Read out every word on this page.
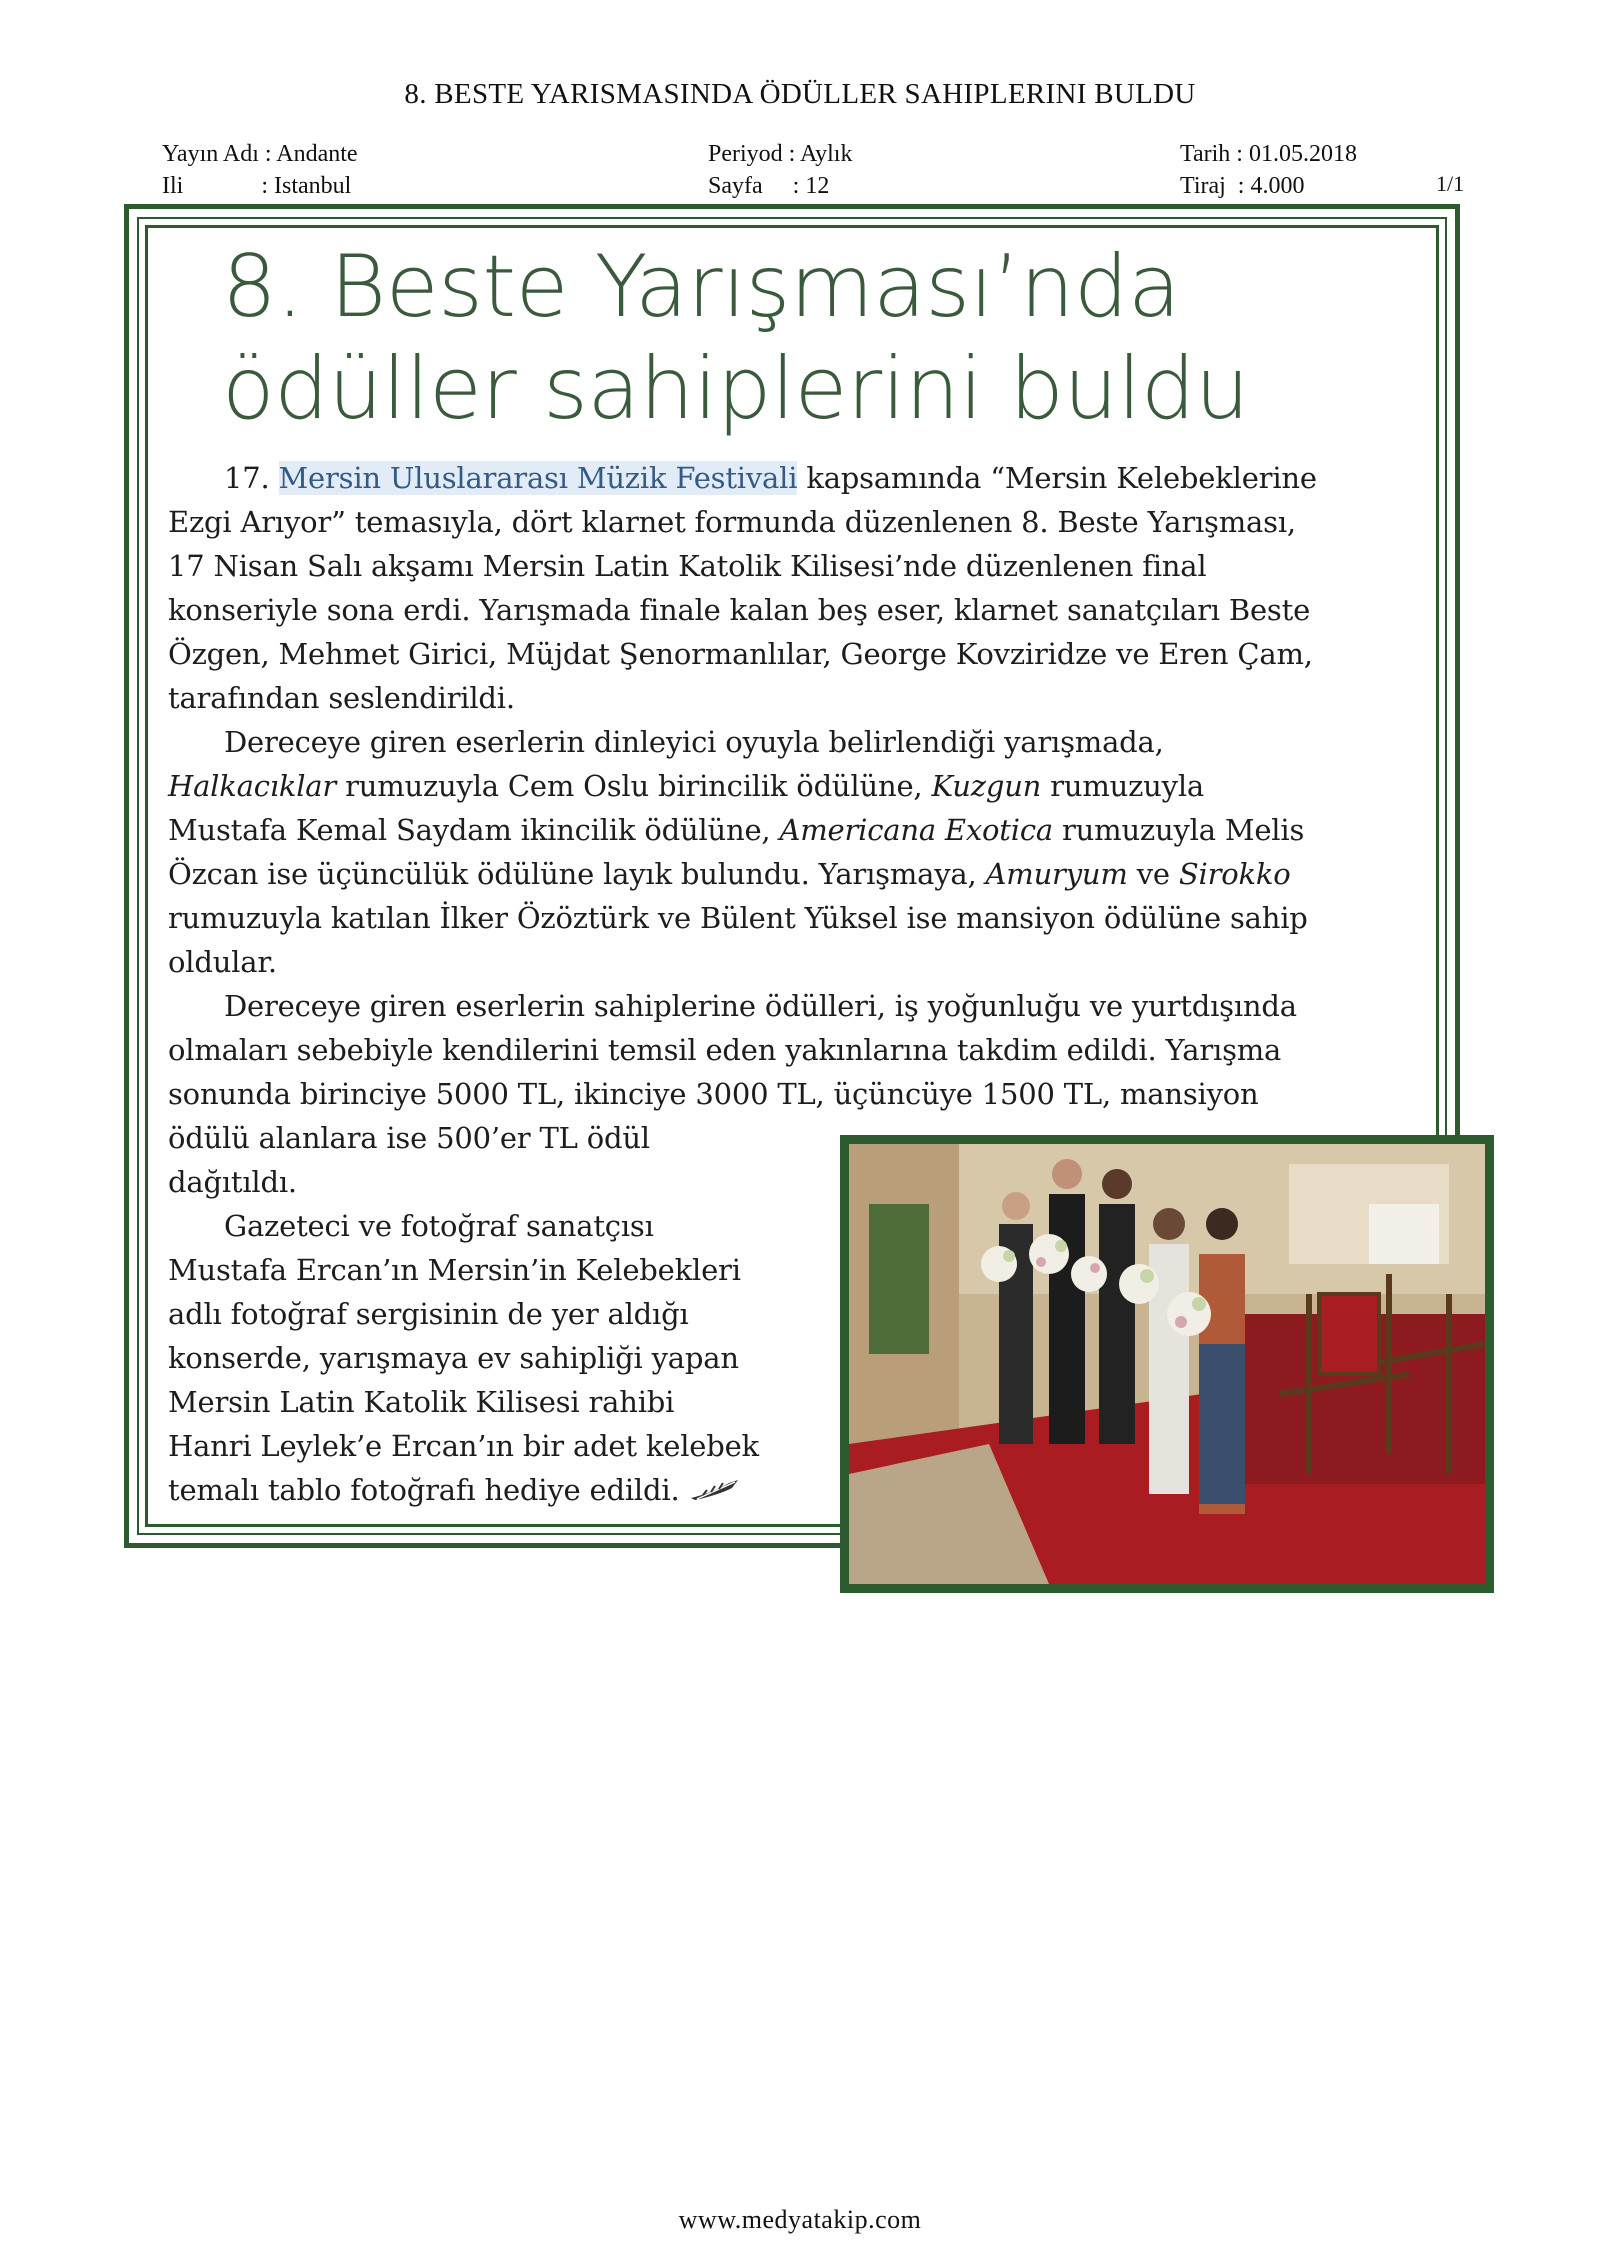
8. BESTE YARISMASINDA ÖDÜLLER SAHIPLERINI BULDU
Yayın Adı : Andante
Ili             : Istanbul
Periyod : Aylık
Sayfa     : 12
Tarih : 01.05.2018
Tiraj  : 4.000	1/1
8. Beste Yarışması’nda
ödüller sahiplerini buldu
17. Mersin Uluslararası Müzik Festivali kapsamında “Mersin Kelebeklerine
Ezgi Arıyor” temasıyla, dört klarnet formunda düzenlenen 8. Beste Yarışması,
17 Nisan Salı akşamı Mersin Latin Katolik Kilisesi’nde düzenlenen final
konseriyle sona erdi. Yarışmada finale kalan beş eser, klarnet sanatçıları Beste
Özgen, Mehmet Girici, Müjdat Şenormanlılar, George Kovziridze ve Eren Çam,
tarafından seslendirildi.
Dereceye giren eserlerin dinleyici oyuyla belirlendiği yarışmada,
Halkacıklar rumuzuyla Cem Oslu birincilik ödülüne, Kuzgun rumuzuyla
Mustafa Kemal Saydam ikincilik ödülüne, Americana Exotica rumuzuyla Melis
Özcan ise üçüncülük ödülüne layık bulundu. Yarışmaya, Amuryum ve Sirokko
rumuzuyla katılan İlker Özöztürk ve Bülent Yüksel ise mansiyon ödülüne sahip
oldular.
Dereceye giren eserlerin sahiplerine ödülleri, iş yoğunluğu ve yurtdışında
olmaları sebebiyle kendilerini temsil eden yakınlarına takdim edildi. Yarışma
sonunda birinciye 5000 TL, ikinciye 3000 TL, üçüncüye 1500 TL, mansiyon
ödülü alanlara ise 500’er TL ödül
dağıtıldı.
Gazeteci ve fotoğraf sanatçısı
Mustafa Ercan’ın Mersin’in Kelebekleri
adlı fotoğraf sergisinin de yer aldığı
konserde, yarışmaya ev sahipliği yapan
Mersin Latin Katolik Kilisesi rahibi
Hanri Leylek’e Ercan’ın bir adet kelebek
temalı tablo fotoğrafı hediye edildi.
www.medyatakip.com
